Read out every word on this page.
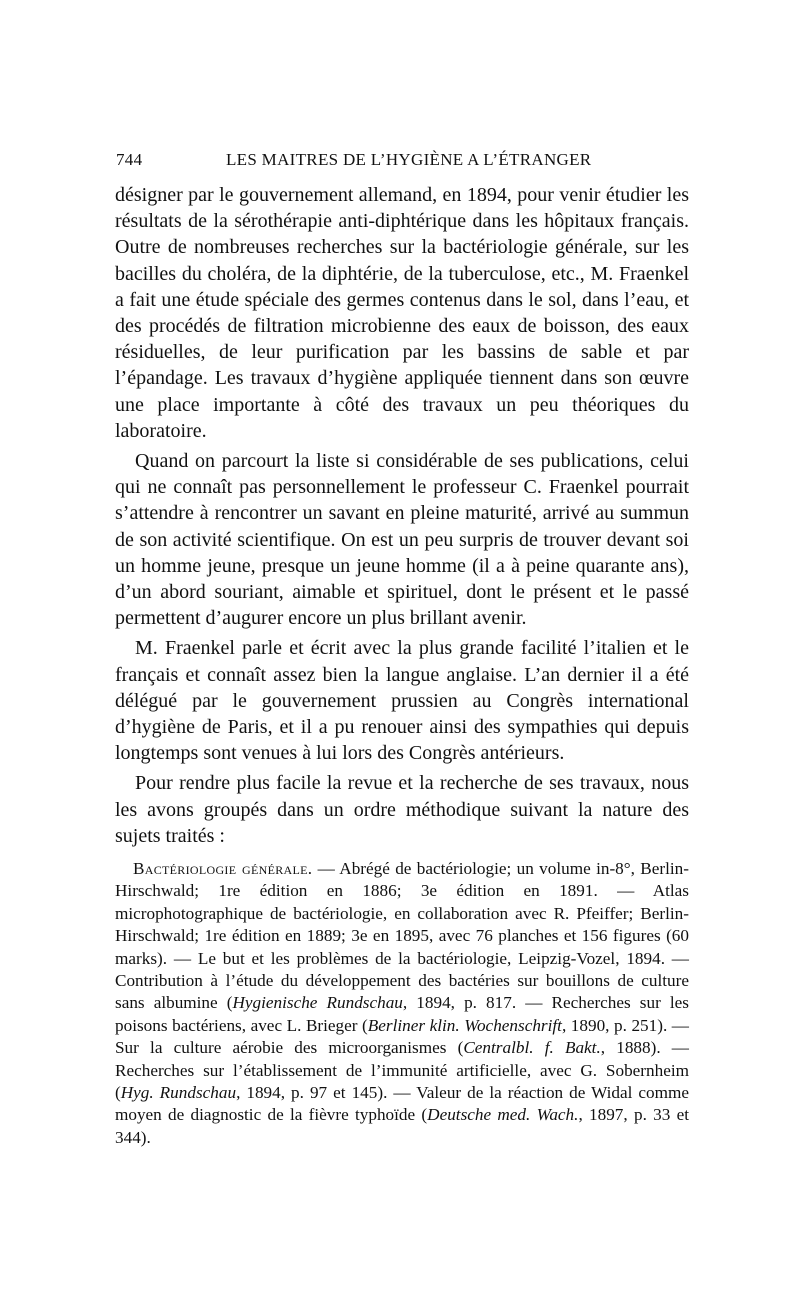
744	LES MAITRES DE L’HYGIÈNE A L’ÉTRANGER

désigner par le gouvernement allemand, en 1894, pour venir étudier les résultats de la sérothérapie anti-diphtérique dans les hôpitaux français. Outre de nombreuses recherches sur la bactériologie générale, sur les bacilles du choléra, de la diphtérie, de la tuberculose, etc., M. Fraenkel a fait une étude spéciale des germes contenus dans le sol, dans l’eau, et des procédés de filtration microbienne des eaux de boisson, des eaux résiduelles, de leur purification par les bassins de sable et par l’épandage. Les travaux d’hygiène appliquée tiennent dans son œuvre une place importante à côté des travaux un peu théoriques du laboratoire.

Quand on parcourt la liste si considérable de ses publications, celui qui ne connaît pas personnellement le professeur C. Fraenkel pourrait s’attendre à rencontrer un savant en pleine maturité, arrivé au summun de son activité scientifique. On est un peu surpris de trouver devant soi un homme jeune, presque un jeune homme (il a à peine quarante ans), d’un abord souriant, aimable et spirituel, dont le présent et le passé permettent d’augurer encore un plus brillant avenir.

M. Fraenkel parle et écrit avec la plus grande facilité l’italien et le français et connaît assez bien la langue anglaise. L’an dernier il a été délégué par le gouvernement prussien au Congrès international d’hygiène de Paris, et il a pu renouer ainsi des sympathies qui depuis longtemps sont venues à lui lors des Congrès antérieurs.

Pour rendre plus facile la revue et la recherche de ses travaux, nous les avons groupés dans un ordre méthodique suivant la nature des sujets traités :

Bactériologie générale. — Abrégé de bactériologie; un volume in-8°, Berlin-Hirschwald; 1re édition en 1886; 3e édition en 1891. — Atlas microphotographique de bactériologie, en collaboration avec R. Pfeiffer; Berlin-Hirschwald; 1re édition en 1889; 3e en 1895, avec 76 planches et 156 figures (60 marks). — Le but et les problèmes de la bactériologie, Leipzig-Vozel, 1894. — Contribution à l’étude du développement des bactéries sur bouillons de culture sans albumine (Hygienische Rundschau, 1894, p. 817. — Recherches sur les poisons bactériens, avec L. Brieger (Berliner klin. Wochenschrift, 1890, p. 251). — Sur la culture aérobie des microorganismes (Centralbl. f. Bakt., 1888). — Recherches sur l’établissement de l’immunité artificielle, avec G. Sobernheim (Hyg. Rundschau, 1894, p. 97 et 145). — Valeur de la réaction de Widal comme moyen de diagnostic de la fièvre typhoïde (Deutsche med. Wach., 1897, p. 33 et 344).
